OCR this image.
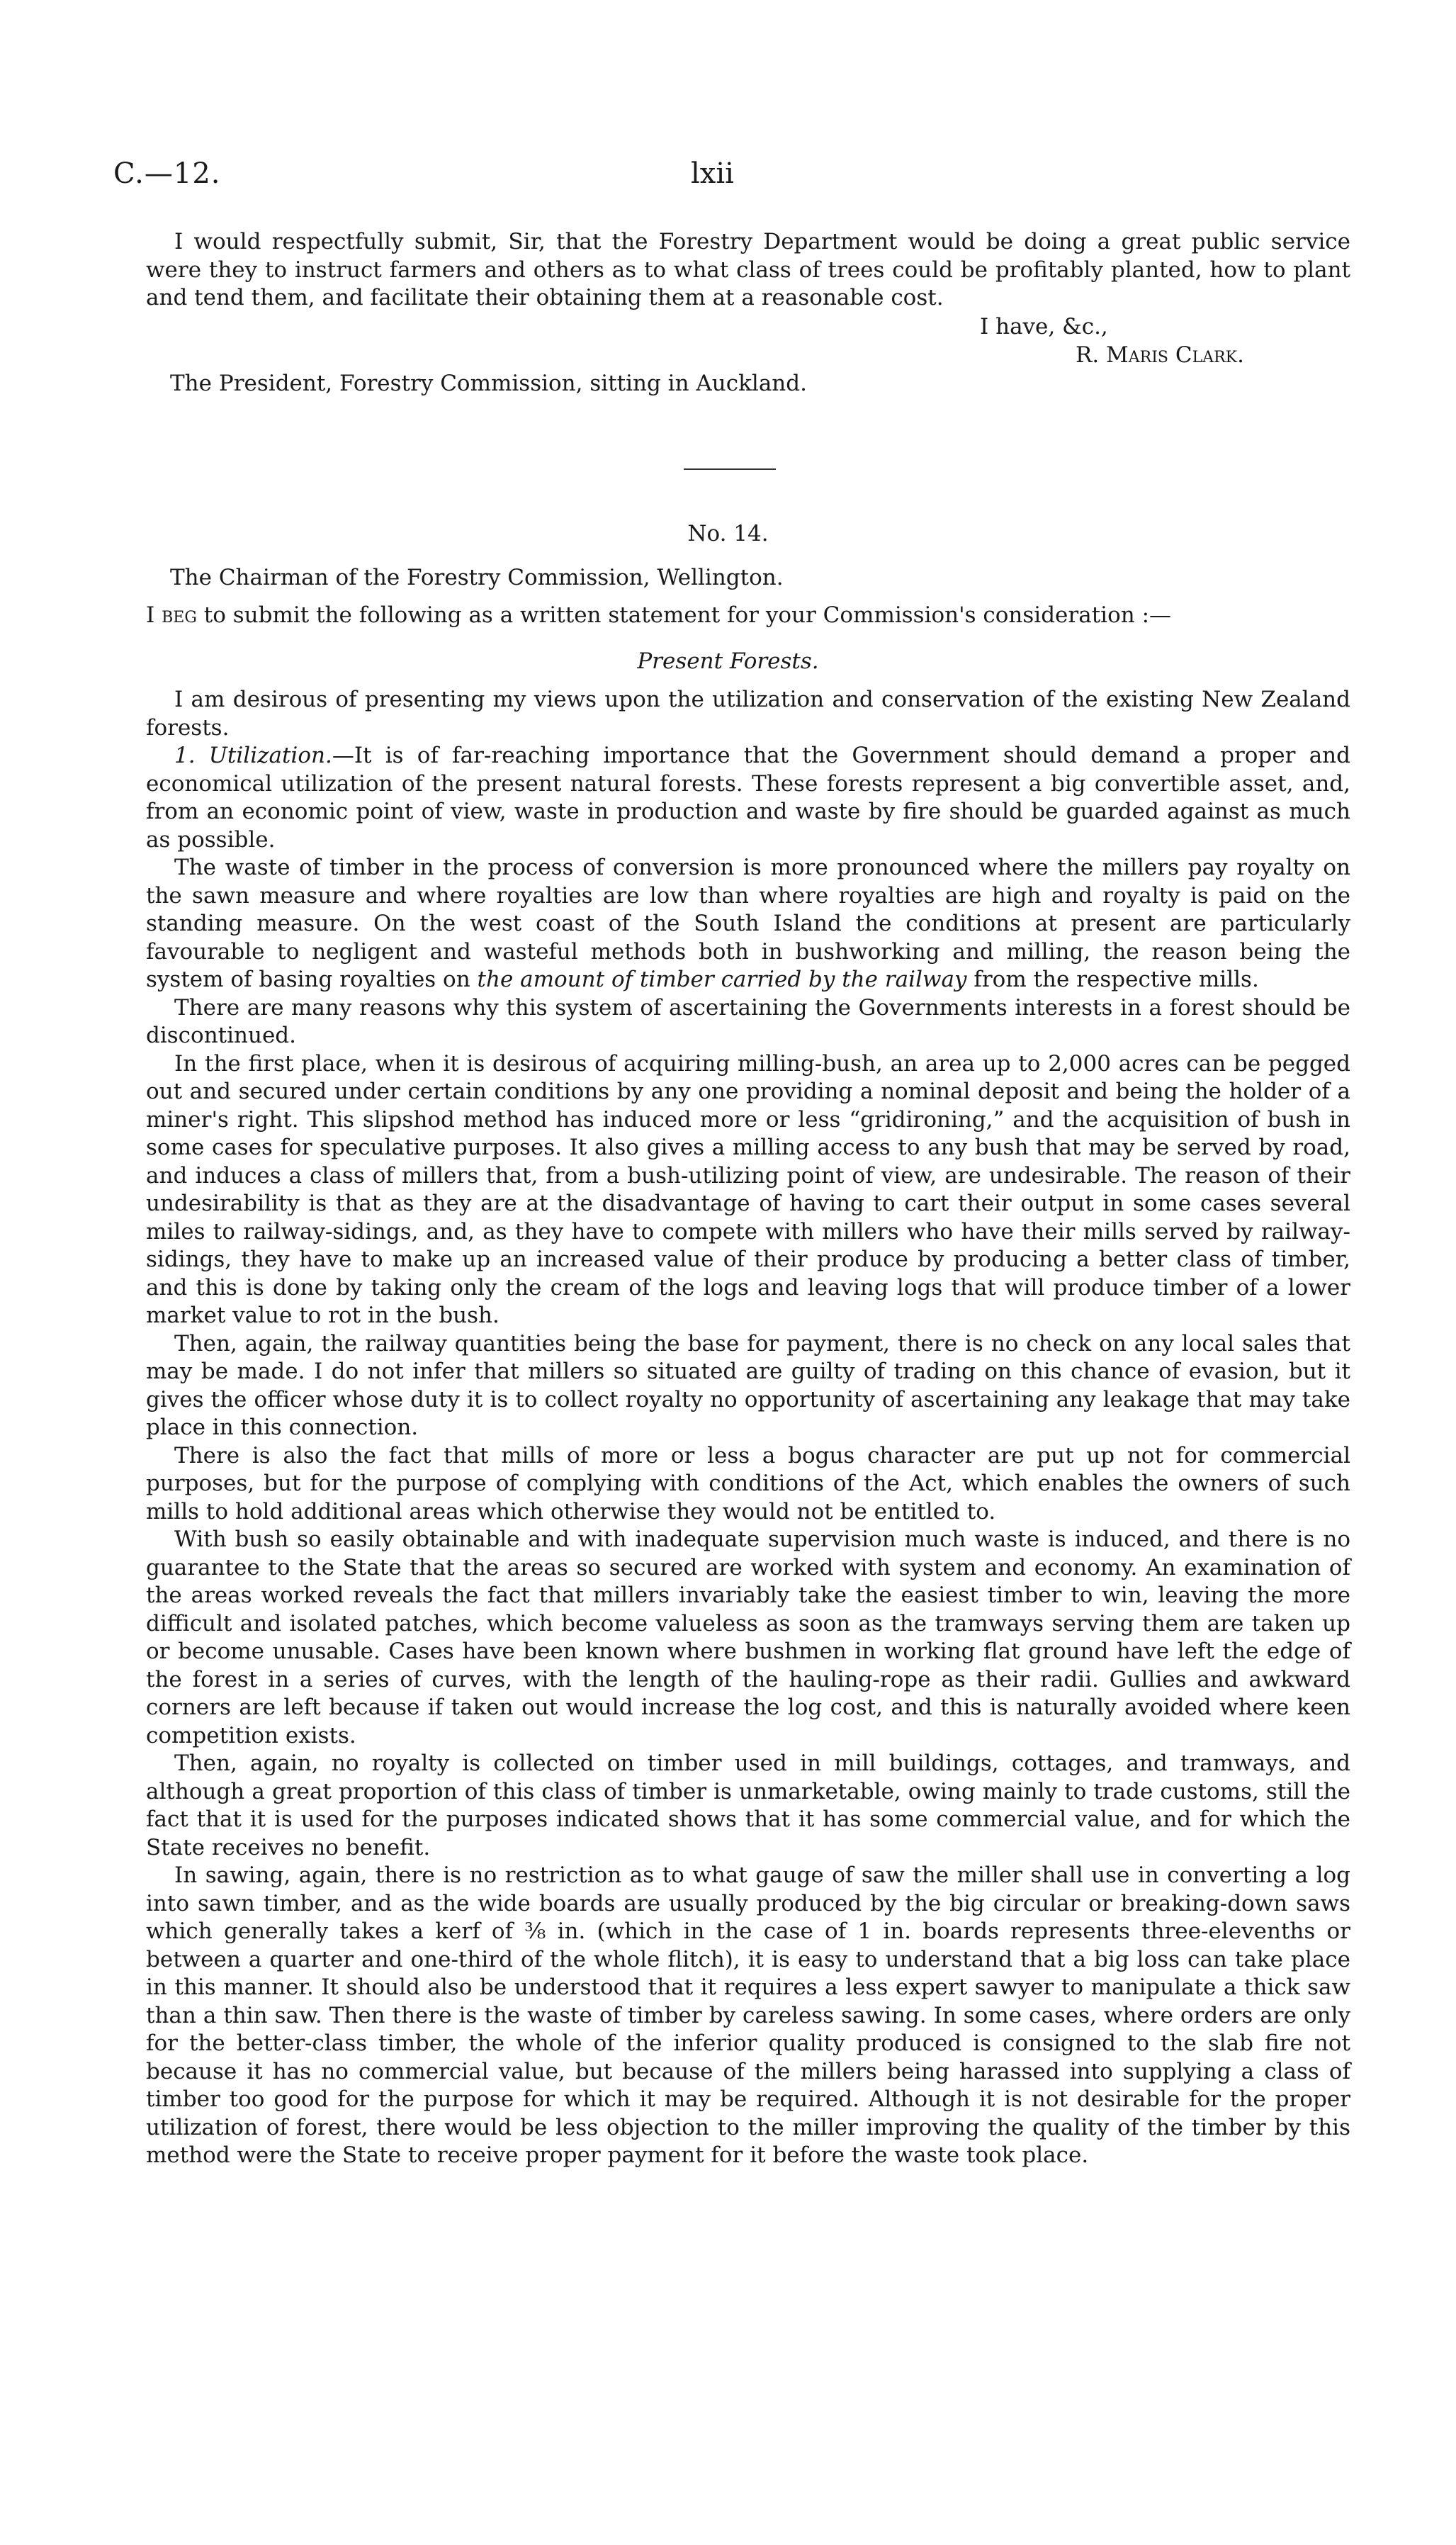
C.—12.	lxii

I would respectfully submit, Sir, that the Forestry Department would be doing a great public service were they to instruct farmers and others as to what class of trees could be profitably planted, how to plant and tend them, and facilitate their obtaining them at a reasonable cost.

I have, &c.,
R. Maris Clark.
The President, Forestry Commission, sitting in Auckland.
No. 14.
The Chairman of the Forestry Commission, Wellington.
I beg to submit the following as a written statement for your Commission's consideration :—
Present Forests.

I am desirous of presenting my views upon the utilization and conservation of the existing New Zealand forests.

1. Utilization.—It is of far-reaching importance that the Government should demand a proper and economical utilization of the present natural forests. These forests represent a big convertible asset, and, from an economic point of view, waste in production and waste by fire should be guarded against as much as possible.

The waste of timber in the process of conversion is more pronounced where the millers pay royalty on the sawn measure and where royalties are low than where royalties are high and royalty is paid on the standing measure. On the west coast of the South Island the conditions at present are particularly favourable to negligent and wasteful methods both in bushworking and milling, the reason being the system of basing royalties on the amount of timber carried by the railway from the respective mills.

There are many reasons why this system of ascertaining the Governments interests in a forest should be discontinued.

In the first place, when it is desirous of acquiring milling-bush, an area up to 2,000 acres can be pegged out and secured under certain conditions by any one providing a nominal deposit and being the holder of a miner's right. This slipshod method has induced more or less “gridironing,” and the acquisition of bush in some cases for speculative purposes. It also gives a milling access to any bush that may be served by road, and induces a class of millers that, from a bush-utilizing point of view, are undesirable. The reason of their undesirability is that as they are at the disadvantage of having to cart their output in some cases several miles to railway-sidings, and, as they have to compete with millers who have their mills served by railway-sidings, they have to make up an increased value of their produce by producing a better class of timber, and this is done by taking only the cream of the logs and leaving logs that will produce timber of a lower market value to rot in the bush.

Then, again, the railway quantities being the base for payment, there is no check on any local sales that may be made. I do not infer that millers so situated are guilty of trading on this chance of evasion, but it gives the officer whose duty it is to collect royalty no opportunity of ascertaining any leakage that may take place in this connection.

There is also the fact that mills of more or less a bogus character are put up not for commercial purposes, but for the purpose of complying with conditions of the Act, which enables the owners of such mills to hold additional areas which otherwise they would not be entitled to.

With bush so easily obtainable and with inadequate supervision much waste is induced, and there is no guarantee to the State that the areas so secured are worked with system and economy. An examination of the areas worked reveals the fact that millers invariably take the easiest timber to win, leaving the more difficult and isolated patches, which become valueless as soon as the tramways serving them are taken up or become unusable. Cases have been known where bushmen in working flat ground have left the edge of the forest in a series of curves, with the length of the hauling-rope as their radii. Gullies and awkward corners are left because if taken out would increase the log cost, and this is naturally avoided where keen competition exists.

Then, again, no royalty is collected on timber used in mill buildings, cottages, and tramways, and although a great proportion of this class of timber is unmarketable, owing mainly to trade customs, still the fact that it is used for the purposes indicated shows that it has some commercial value, and for which the State receives no benefit.

In sawing, again, there is no restriction as to what gauge of saw the miller shall use in converting a log into sawn timber, and as the wide boards are usually produced by the big circular or breaking-down saws which generally takes a kerf of ⅜ in. (which in the case of 1 in. boards represents three-elevenths or between a quarter and one-third of the whole flitch), it is easy to understand that a big loss can take place in this manner. It should also be understood that it requires a less expert sawyer to manipulate a thick saw than a thin saw. Then there is the waste of timber by careless sawing. In some cases, where orders are only for the better-class timber, the whole of the inferior quality produced is consigned to the slab fire not because it has no commercial value, but because of the millers being harassed into supplying a class of timber too good for the purpose for which it may be required. Although it is not desirable for the proper utilization of forest, there would be less objection to the miller improving the quality of the timber by this method were the State to receive proper payment for it before the waste took place.
